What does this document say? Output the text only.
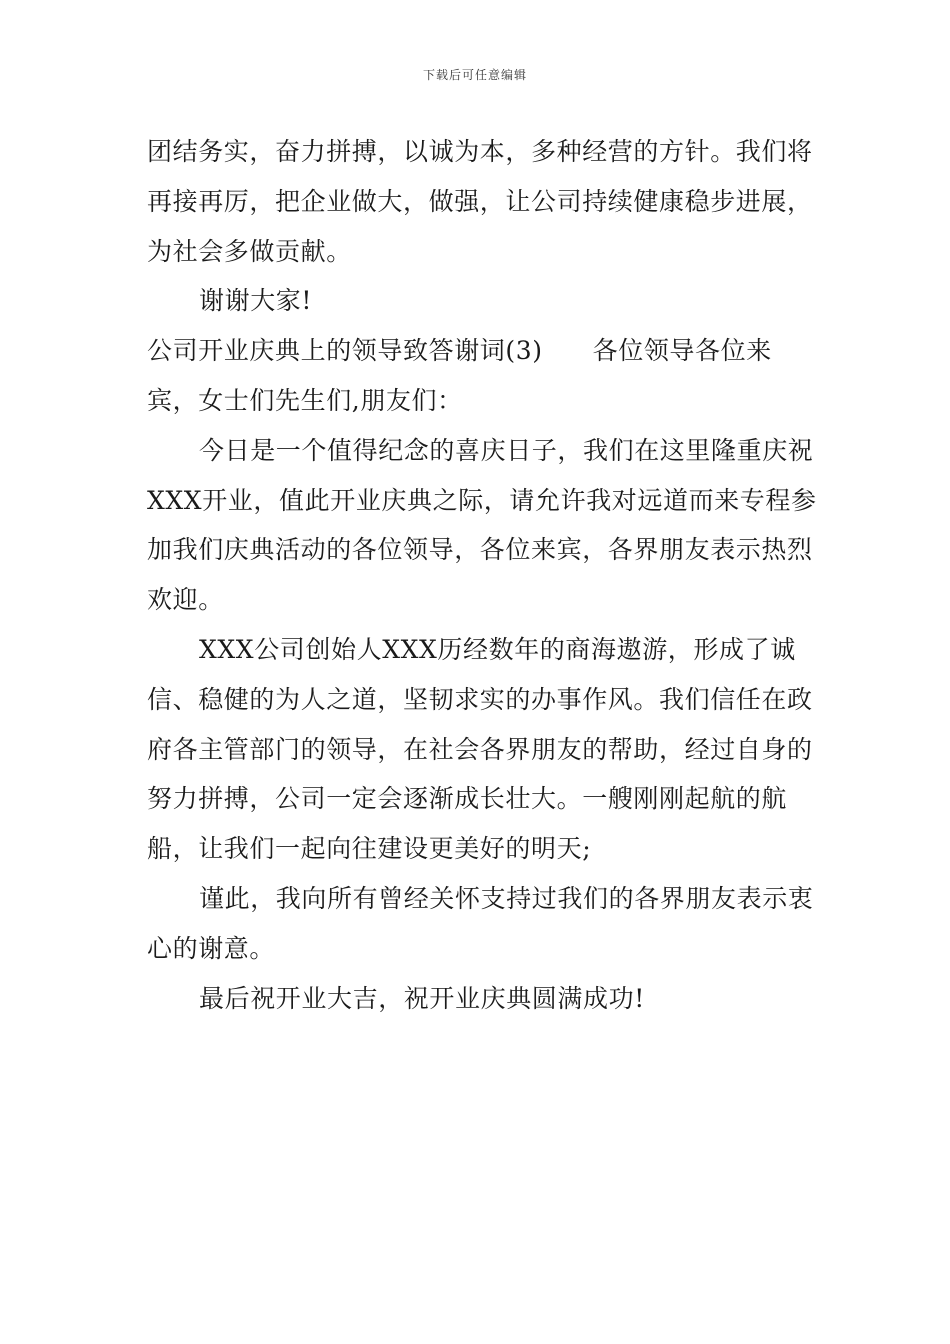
下载后可任意编辑

团结务实，奋力拼搏，以诚为本，多种经营的方针。我们将再接再厉，把企业做大，做强，让公司持续健康稳步进展，为社会多做贡献。

谢谢大家!

公司开业庆典上的领导致答谢词(3) 各位领导各位来宾，女士们先生们,朋友们：

今日是一个值得纪念的喜庆日子，我们在这里隆重庆祝XXX开业，值此开业庆典之际，请允许我对远道而来专程参加我们庆典活动的各位领导，各位来宾，各界朋友表示热烈欢迎。

XXX公司创始人XXX历经数年的商海遨游，形成了诚信、稳健的为人之道，坚韧求实的办事作风。我们信任在政府各主管部门的领导，在社会各界朋友的帮助，经过自身的努力拼搏，公司一定会逐渐成长壮大。一艘刚刚起航的航船，让我们一起向往建设更美好的明天;

谨此，我向所有曾经关怀支持过我们的各界朋友表示衷心的谢意。

最后祝开业大吉，祝开业庆典圆满成功!
